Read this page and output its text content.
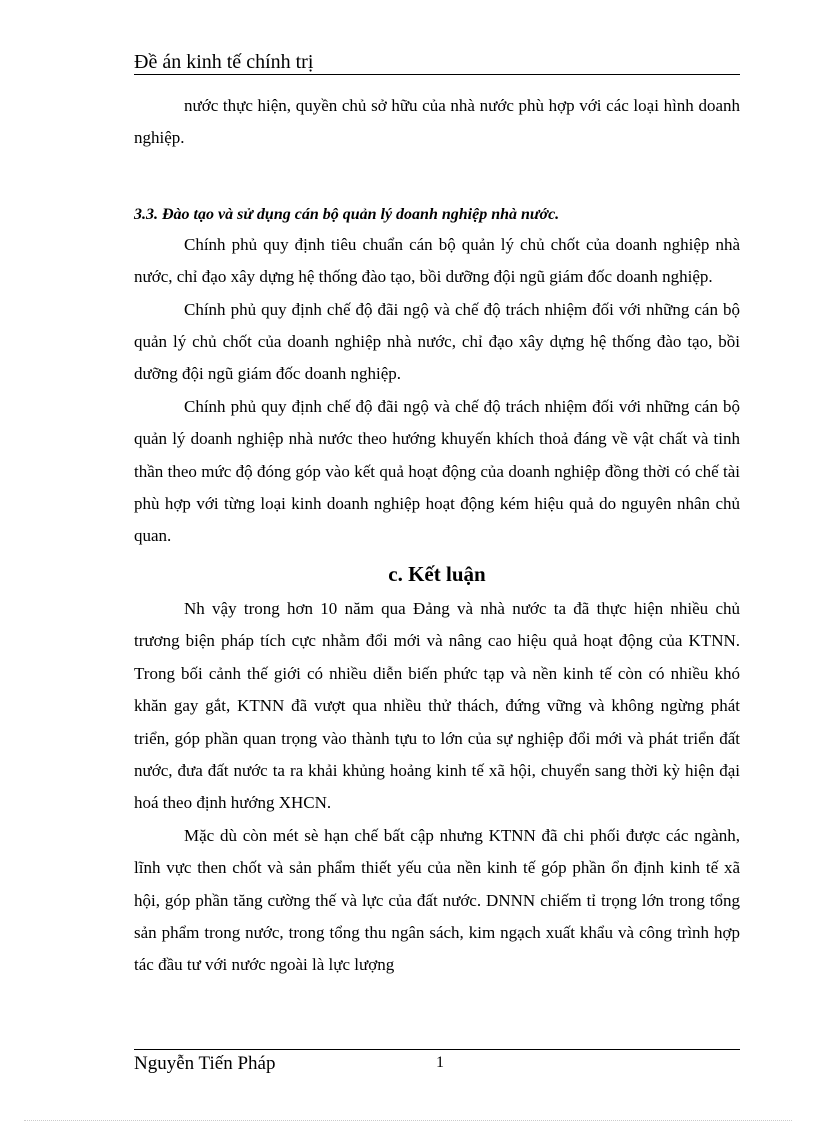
Đề án kinh tế chính trị

nước thực hiện, quyền chủ sở hữu của nhà nước phù hợp với các loại hình doanh nghiệp.

3.3. Đào tạo và sử dụng cán bộ quản lý doanh nghiệp nhà nước.

Chính phủ quy định tiêu chuẩn cán bộ quản lý chủ chốt của doanh nghiệp nhà nước, chỉ đạo xây dựng hệ thống đào tạo, bồi dưỡng đội ngũ giám đốc doanh nghiệp.

Chính phủ quy định chế độ đãi ngộ và chế độ trách nhiệm đối với những cán bộ quản lý chủ chốt của doanh nghiệp nhà nước, chỉ đạo xây dựng hệ thống đào tạo, bồi dưỡng đội ngũ giám đốc doanh nghiệp.

Chính phủ quy định chế độ đãi ngộ và chế độ trách nhiệm đối với những cán bộ quản lý doanh nghiệp nhà nước theo hướng khuyến khích thoả đáng về vật chất và tinh thần theo mức độ đóng góp vào kết quả hoạt động của doanh nghiệp đồng thời có chế tài phù hợp với từng loại kinh doanh nghiệp hoạt động kém hiệu quả do nguyên nhân chủ quan.

c. Kết luận

Nh vậy trong hơn 10 năm qua Đảng và nhà nước ta đã thực hiện nhiều chủ trương biện pháp tích cực nhằm đổi mới và nâng cao hiệu quả hoạt động của KTNN. Trong bối cảnh thế giới có nhiều diễn biến phức tạp và nền kinh tế còn có nhiều khó khăn gay gắt, KTNN đã vượt qua nhiều thử thách, đứng vững và không ngừng phát triển, góp phần quan trọng vào thành tựu to lớn của sự nghiệp đổi mới và phát triển đất nước, đưa đất nước ta ra khải khủng hoảng kinh tế xã hội, chuyển sang thời kỳ hiện đại hoá theo định hướng XHCN.

Mặc dù còn mét sè hạn chế bất cập nhưng KTNN đã chi phối được các ngành, lĩnh vực then chốt và sản phẩm thiết yếu của nền kinh tế góp phần ổn định kinh tế xã hội, góp phần tăng cường thế và lực của đất nước. DNNN chiếm tỉ trọng lớn trong tổng sản phẩm trong nước, trong tổng thu ngân sách, kim ngạch xuất khẩu và công trình hợp tác đầu tư với nước ngoài là lực lượng

Nguyễn Tiến Pháp	1
